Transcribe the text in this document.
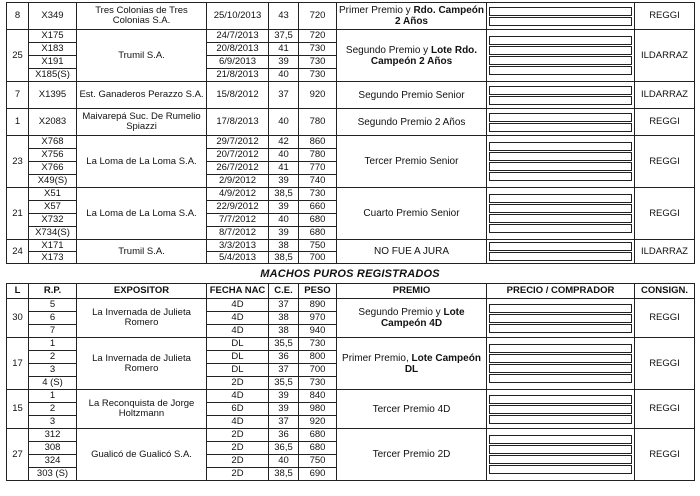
8	X349	Tres Colonias de Tres Colonias S.A.	25/10/2013	43	720	Primer Premio y Rdo. Campeón 2 Años		REGGI
25	X175	Trumil S.A.	24/7/2013	37,5	720	Segundo Premio y Lote Rdo. Campeón 2 Años		ILDARRAZ
	X183		20/8/2013	41	730			
	X191		6/9/2013	39	730			
	X185(S)		21/8/2013	40	730			
7	X1395	Est. Ganaderos Perazzo S.A.	15/8/2012	37	920	Segundo Premio Senior		ILDARRAZ
1	X2083	Maivarepá Suc. De Rumelio Spiazzi	17/8/2013	40	780	Segundo Premio 2 Años		REGGI
23	X768	La Loma de La Loma S.A.	29/7/2012	42	860	Tercer Premio Senior		REGGI
	X756		20/7/2012	40	780			
	X766		26/7/2012	41	770			
	X49(S)		2/9/2012	39	740			
21	X51	La Loma de La Loma S.A.	4/9/2012	38,5	730	Cuarto Premio Senior		REGGI
	X57		22/9/2012	39	660			
	X732		7/7/2012	40	680			
	X734(S)		8/7/2012	39	680			
24	X171	Trumil S.A.	3/3/2013	38	750	NO FUE A JURA		ILDARRAZ
	X173		5/4/2013	38,5	700			
MACHOS PUROS REGISTRADOS
L	R.P.	EXPOSITOR	FECHA NAC	C.E.	PESO	PREMIO	PRECIO / COMPRADOR	CONSIGN.
30	5	La Invernada de Julieta Romero	4D	37	890	Segundo Premio y Lote Campeón 4D		REGGI
	6		4D	38	970			
	7		4D	38	940			
17	1	La Invernada de Julieta Romero	DL	35,5	730	Primer Premio, Lote Campeón DL		REGGI
	2		DL	36	800			
	3		DL	37	700			
	4 (S)		2D	35,5	730			
15	1	La Reconquista de Jorge Holtzmann	4D	39	840	Tercer Premio 4D		REGGI
	2		6D	39	980			
	3		4D	37	920			
27	312	Gualicó de Gualicó S.A.	2D	36	680	Tercer Premio 2D		REGGI
	308		2D	36,5	680			
	324		2D	40	750			
	303 (S)		2D	38,5	690			
